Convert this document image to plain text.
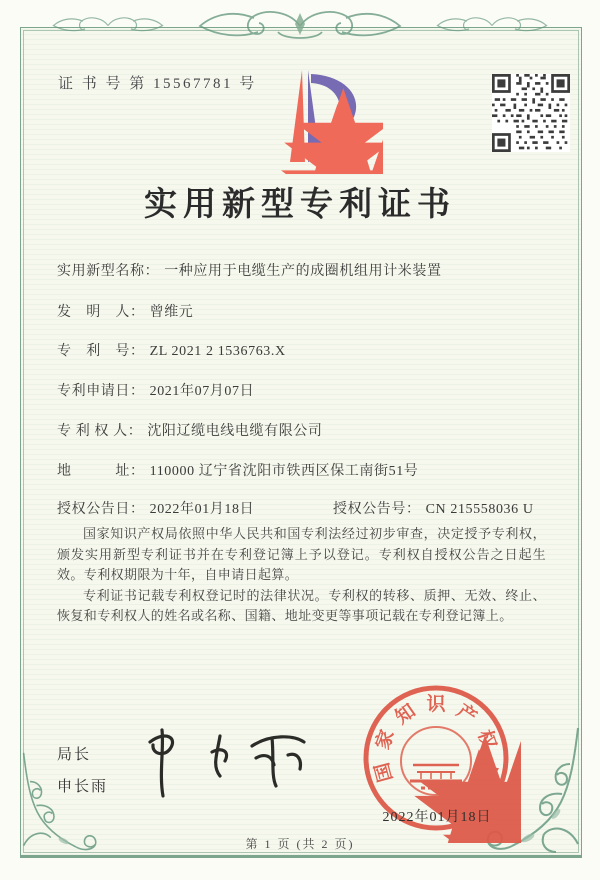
证 书 号 第 15567781 号
实用新型专利证书
实用新型名称： 一种应用于电缆生产的成圈机组用计米装置
发　明　人： 曾维元
专　利　号： ZL 2021 2 1536763.X
专利申请日： 2021年07月07日
专 利 权 人： 沈阳辽缆电线电缆有限公司
地　　　址： 110000 辽宁省沈阳市铁西区保工南街51号
授权公告日： 2022年01月18日	授权公告号： CN 215558036 U

国家知识产权局依照中华人民共和国专利法经过初步审查，决定授予专利权，颁发实用新型专利证书并在专利登记簿上予以登记。专利权自授权公告之日起生效。专利权期限为十年，自申请日起算。

专利证书记载专利权登记时的法律状况。专利权的转移、质押、无效、终止、恢复和专利权人的姓名或名称、国籍、地址变更等事项记载在专利登记簿上。

局长
申长雨
国
家
知 识 产
权
局
2022年01月18日
第 1 页 (共 2 页)
